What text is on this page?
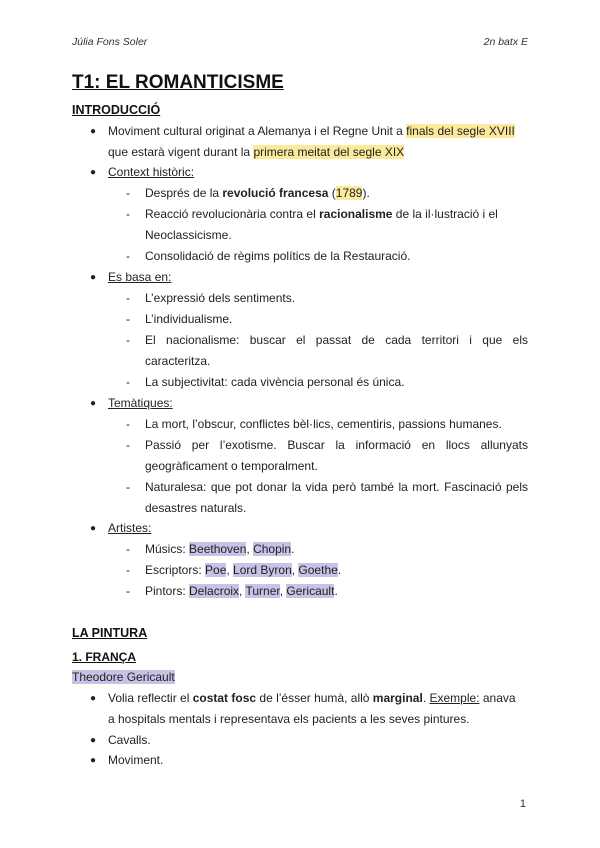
Júlia Fons Soler	2n batx E
T1: EL ROMANTICISME
INTRODUCCIÓ
● Moviment cultural originat a Alemanya i el Regne Unit a finals del segle XVIII
que estarà vigent durant la primera meitat del segle XIX
● Context històric:
- Després de la revolució francesa (1789).
- Reacció revolucionària contra el racionalisme de la il·lustració i el
Neoclassicisme.
- Consolidació de règims polítics de la Restauració.
● Es basa en:
- L’expressió dels sentiments.
- L’individualisme.
- El nacionalisme: buscar el passat de cada territori i que els
caracteritza.
- La subjectivitat: cada vivència personal és única.
● Temàtiques:
- La mort, l’obscur, conflictes bèl·lics, cementiris, passions humanes.
- Passió per l’exotisme. Buscar la informació en llocs allunyats
geogràficament o temporalment.
- Naturalesa: que pot donar la vida però també la mort. Fascinació pels
desastres naturals.
● Artistes:
- Músics: Beethoven, Chopin.
- Escriptors: Poe, Lord Byron, Goethe.
- Pintors: Delacroix, Turner, Gericault.
LA PINTURA
1. FRANÇA
Theodore Gericault
● Volia reflectir el costat fosc de l’ésser humà, allò marginal. Exemple: anava
a hospitals mentals i representava els pacients a les seves pintures.
● Cavalls.
● Moviment.
1
